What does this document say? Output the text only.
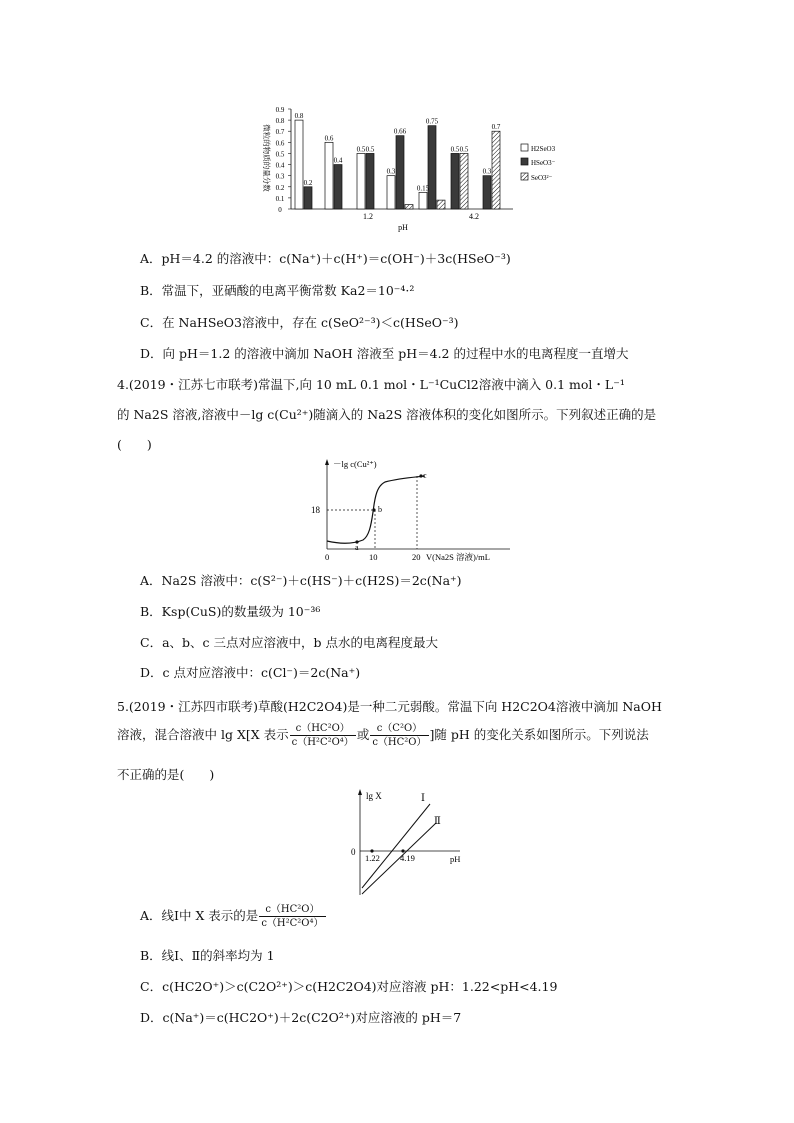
微粒的物质的量分数
0.9
0.8
0.7
0.6
0.5
0.4
0.3
0.2
0.1
0
0.8
0.2
0.6
0.4
0.5 0.5
0.3
0.66
0.15
0.75
0.5 0.5
0.3
0.7
1.2	4.2
pH
H2SeO3
HSeO3⁻
SeO3²⁻
A．pH＝4.2 的溶液中：c(Na⁺)＋c(H⁺)＝c(OH⁻)＋3c(HSeO⁻³)
B．常温下，亚硒酸的电离平衡常数 Ka2＝10⁻⁴·²
C．在 NaHSeO3溶液中，存在 c(SeO²⁻³)＜c(HSeO⁻³)
D．向 pH＝1.2 的溶液中滴加 NaOH 溶液至 pH＝4.2 的过程中水的电离程度一直增大
4.(2019・江苏七市联考)常温下,向 10 mL 0.1 mol・L⁻¹CuCl2溶液中滴入 0.1 mol・L⁻¹
的 Na2S 溶液,溶液中－lg c(Cu²⁺)随滴入的 Na2S 溶液体积的变化如图所示。下列叙述正确的是
(　　)
－lg c(Cu²⁺)
18
a
b
c
0	10	20 V(Na2S 溶液)/mL
A．Na2S 溶液中：c(S²⁻)＋c(HS⁻)＋c(H2S)＝2c(Na⁺)
B．Ksp(CuS)的数量级为 10⁻³⁶
C．a、b、c 三点对应溶液中，b 点水的电离程度最大
D．c 点对应溶液中：c(Cl⁻)＝2c(Na⁺)
5.(2019・江苏四市联考)草酸(H2C2O4)是一种二元弱酸。常温下向 H2C2O4溶液中滴加 NaOH
溶液，混合溶液中 lg X[X 表示 $\frac{\text{c（HC²O）}}{\text{c（H²C²O⁴）}}$ 或 $\frac{\text{c（C²O）}}{\text{c（HC²O）}}$ ]随 pH 的变化关系如图所示。下列说法
不正确的是(　　)
lg X
0
1.22 4.19	pH
Ⅰ
Ⅱ
A．线Ⅰ中 X 表示的是 $\frac{\text{c（HC²O）}}{\text{c（H²C²O⁴）}}$
B．线Ⅰ、Ⅱ的斜率均为 1
C．c(HC2O⁺)＞c(C2O²⁺)＞c(H2C2O4)对应溶液 pH：1.22<pH<4.19
D．c(Na⁺)＝c(HC2O⁺)＋2c(C2O²⁺)对应溶液的 pH＝7
